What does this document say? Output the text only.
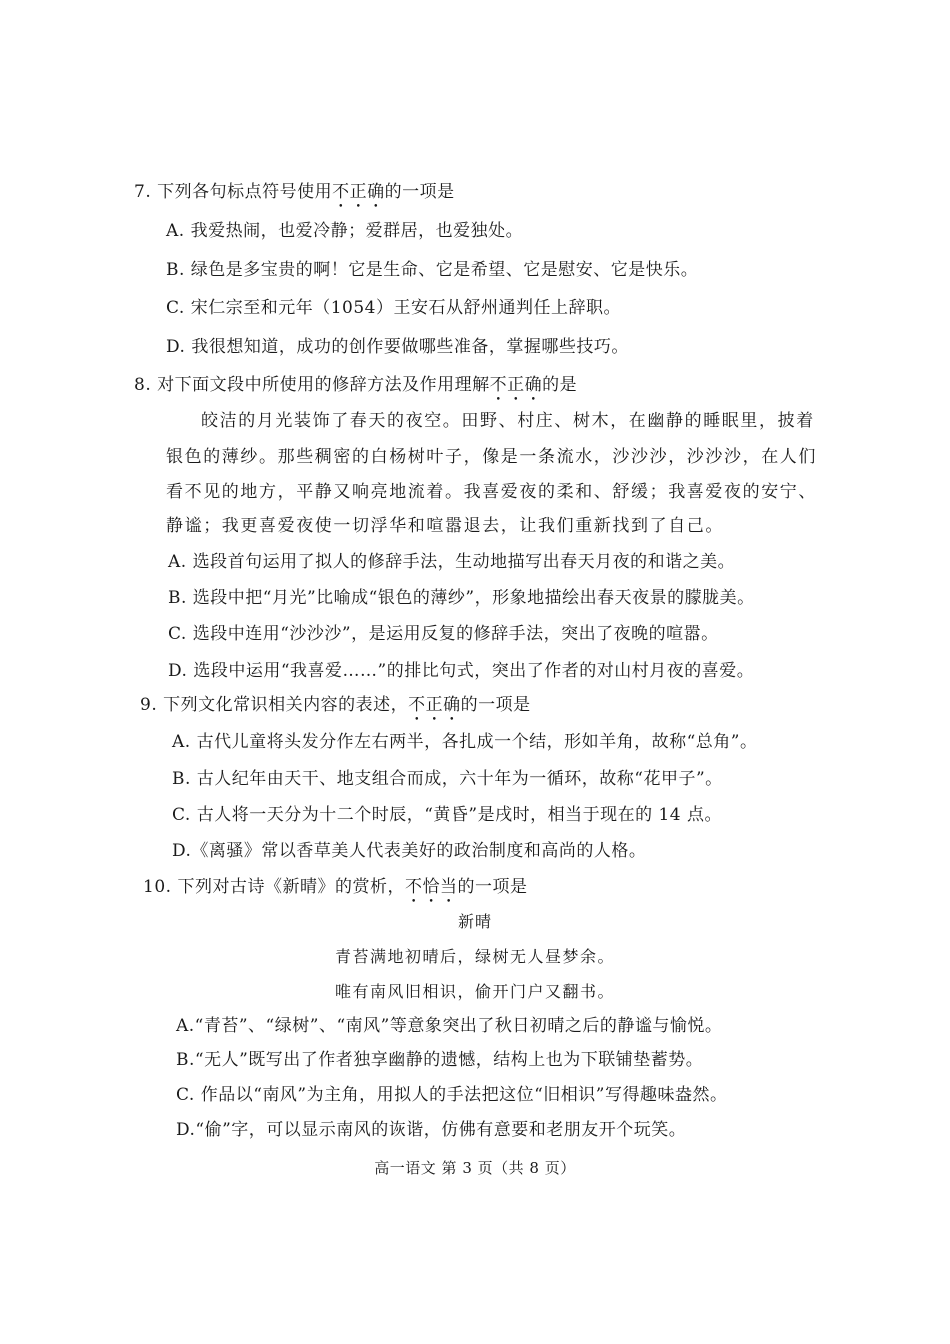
7. 下列各句标点符号使用不正确的一项是
A. 我爱热闹，也爱冷静；爱群居，也爱独处。
B. 绿色是多宝贵的啊！它是生命、它是希望、它是慰安、它是快乐。
C. 宋仁宗至和元年（1054）王安石从舒州通判任上辞职。
D. 我很想知道，成功的创作要做哪些准备，掌握哪些技巧。
8. 对下面文段中所使用的修辞方法及作用理解不正确的是
皎洁的月光装饰了春天的夜空。田野、村庄、树木，在幽静的睡眠里，披着
银色的薄纱。那些稠密的白杨树叶子，像是一条流水，沙沙沙，沙沙沙，在人们
看不见的地方，平静又响亮地流着。我喜爱夜的柔和、舒缓；我喜爱夜的安宁、
静谧；我更喜爱夜使一切浮华和喧嚣退去，让我们重新找到了自己。
A. 选段首句运用了拟人的修辞手法，生动地描写出春天月夜的和谐之美。
B. 选段中把“月光”比喻成“银色的薄纱”，形象地描绘出春天夜景的朦胧美。
C. 选段中连用“沙沙沙”，是运用反复的修辞手法，突出了夜晚的喧嚣。
D. 选段中运用“我喜爱……”的排比句式，突出了作者的对山村月夜的喜爱。
9. 下列文化常识相关内容的表述，不正确的一项是
A. 古代儿童将头发分作左右两半，各扎成一个结，形如羊角，故称“总角”。
B. 古人纪年由天干、地支组合而成，六十年为一循环，故称“花甲子”。
C. 古人将一天分为十二个时辰，“黄昏”是戌时，相当于现在的 14 点。
D.《离骚》常以香草美人代表美好的政治制度和高尚的人格。
10. 下列对古诗《新晴》的赏析，不恰当的一项是
新晴
青苔满地初晴后，绿树无人昼梦余。
唯有南风旧相识，偷开门户又翻书。
A.“青苔”、“绿树”、“南风”等意象突出了秋日初晴之后的静谧与愉悦。
B.“无人”既写出了作者独享幽静的遗憾，结构上也为下联铺垫蓄势。
C. 作品以“南风”为主角，用拟人的手法把这位“旧相识”写得趣味盎然。
D.“偷”字，可以显示南风的诙谐，仿佛有意要和老朋友开个玩笑。
高一语文 第 3 页（共 8 页）
